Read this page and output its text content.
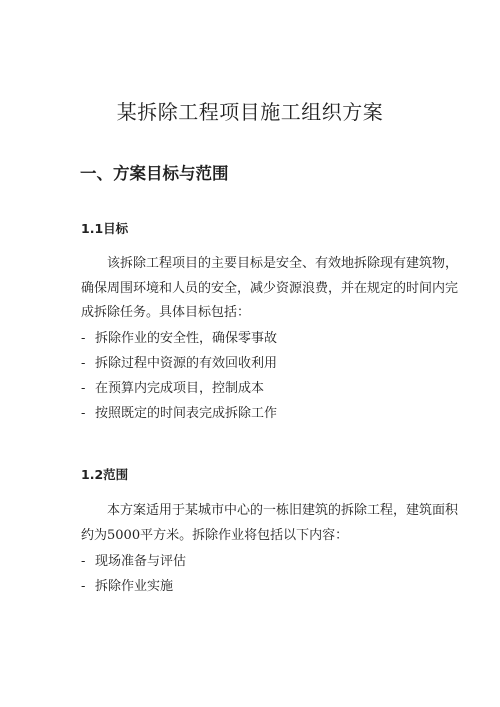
某拆除工程项目施工组织方案
一、方案目标与范围
1.1目标

该拆除工程项目的主要目标是安全、有效地拆除现有建筑物，确保周围环境和人员的安全，减少资源浪费，并在规定的时间内完成拆除任务。具体目标包括：

- 拆除作业的安全性，确保零事故
- 拆除过程中资源的有效回收利用
- 在预算内完成项目，控制成本
- 按照既定的时间表完成拆除工作
1.2范围

本方案适用于某城市中心的一栋旧建筑的拆除工程，建筑面积约为5000平方米。拆除作业将包括以下内容：

- 现场准备与评估
- 拆除作业实施
